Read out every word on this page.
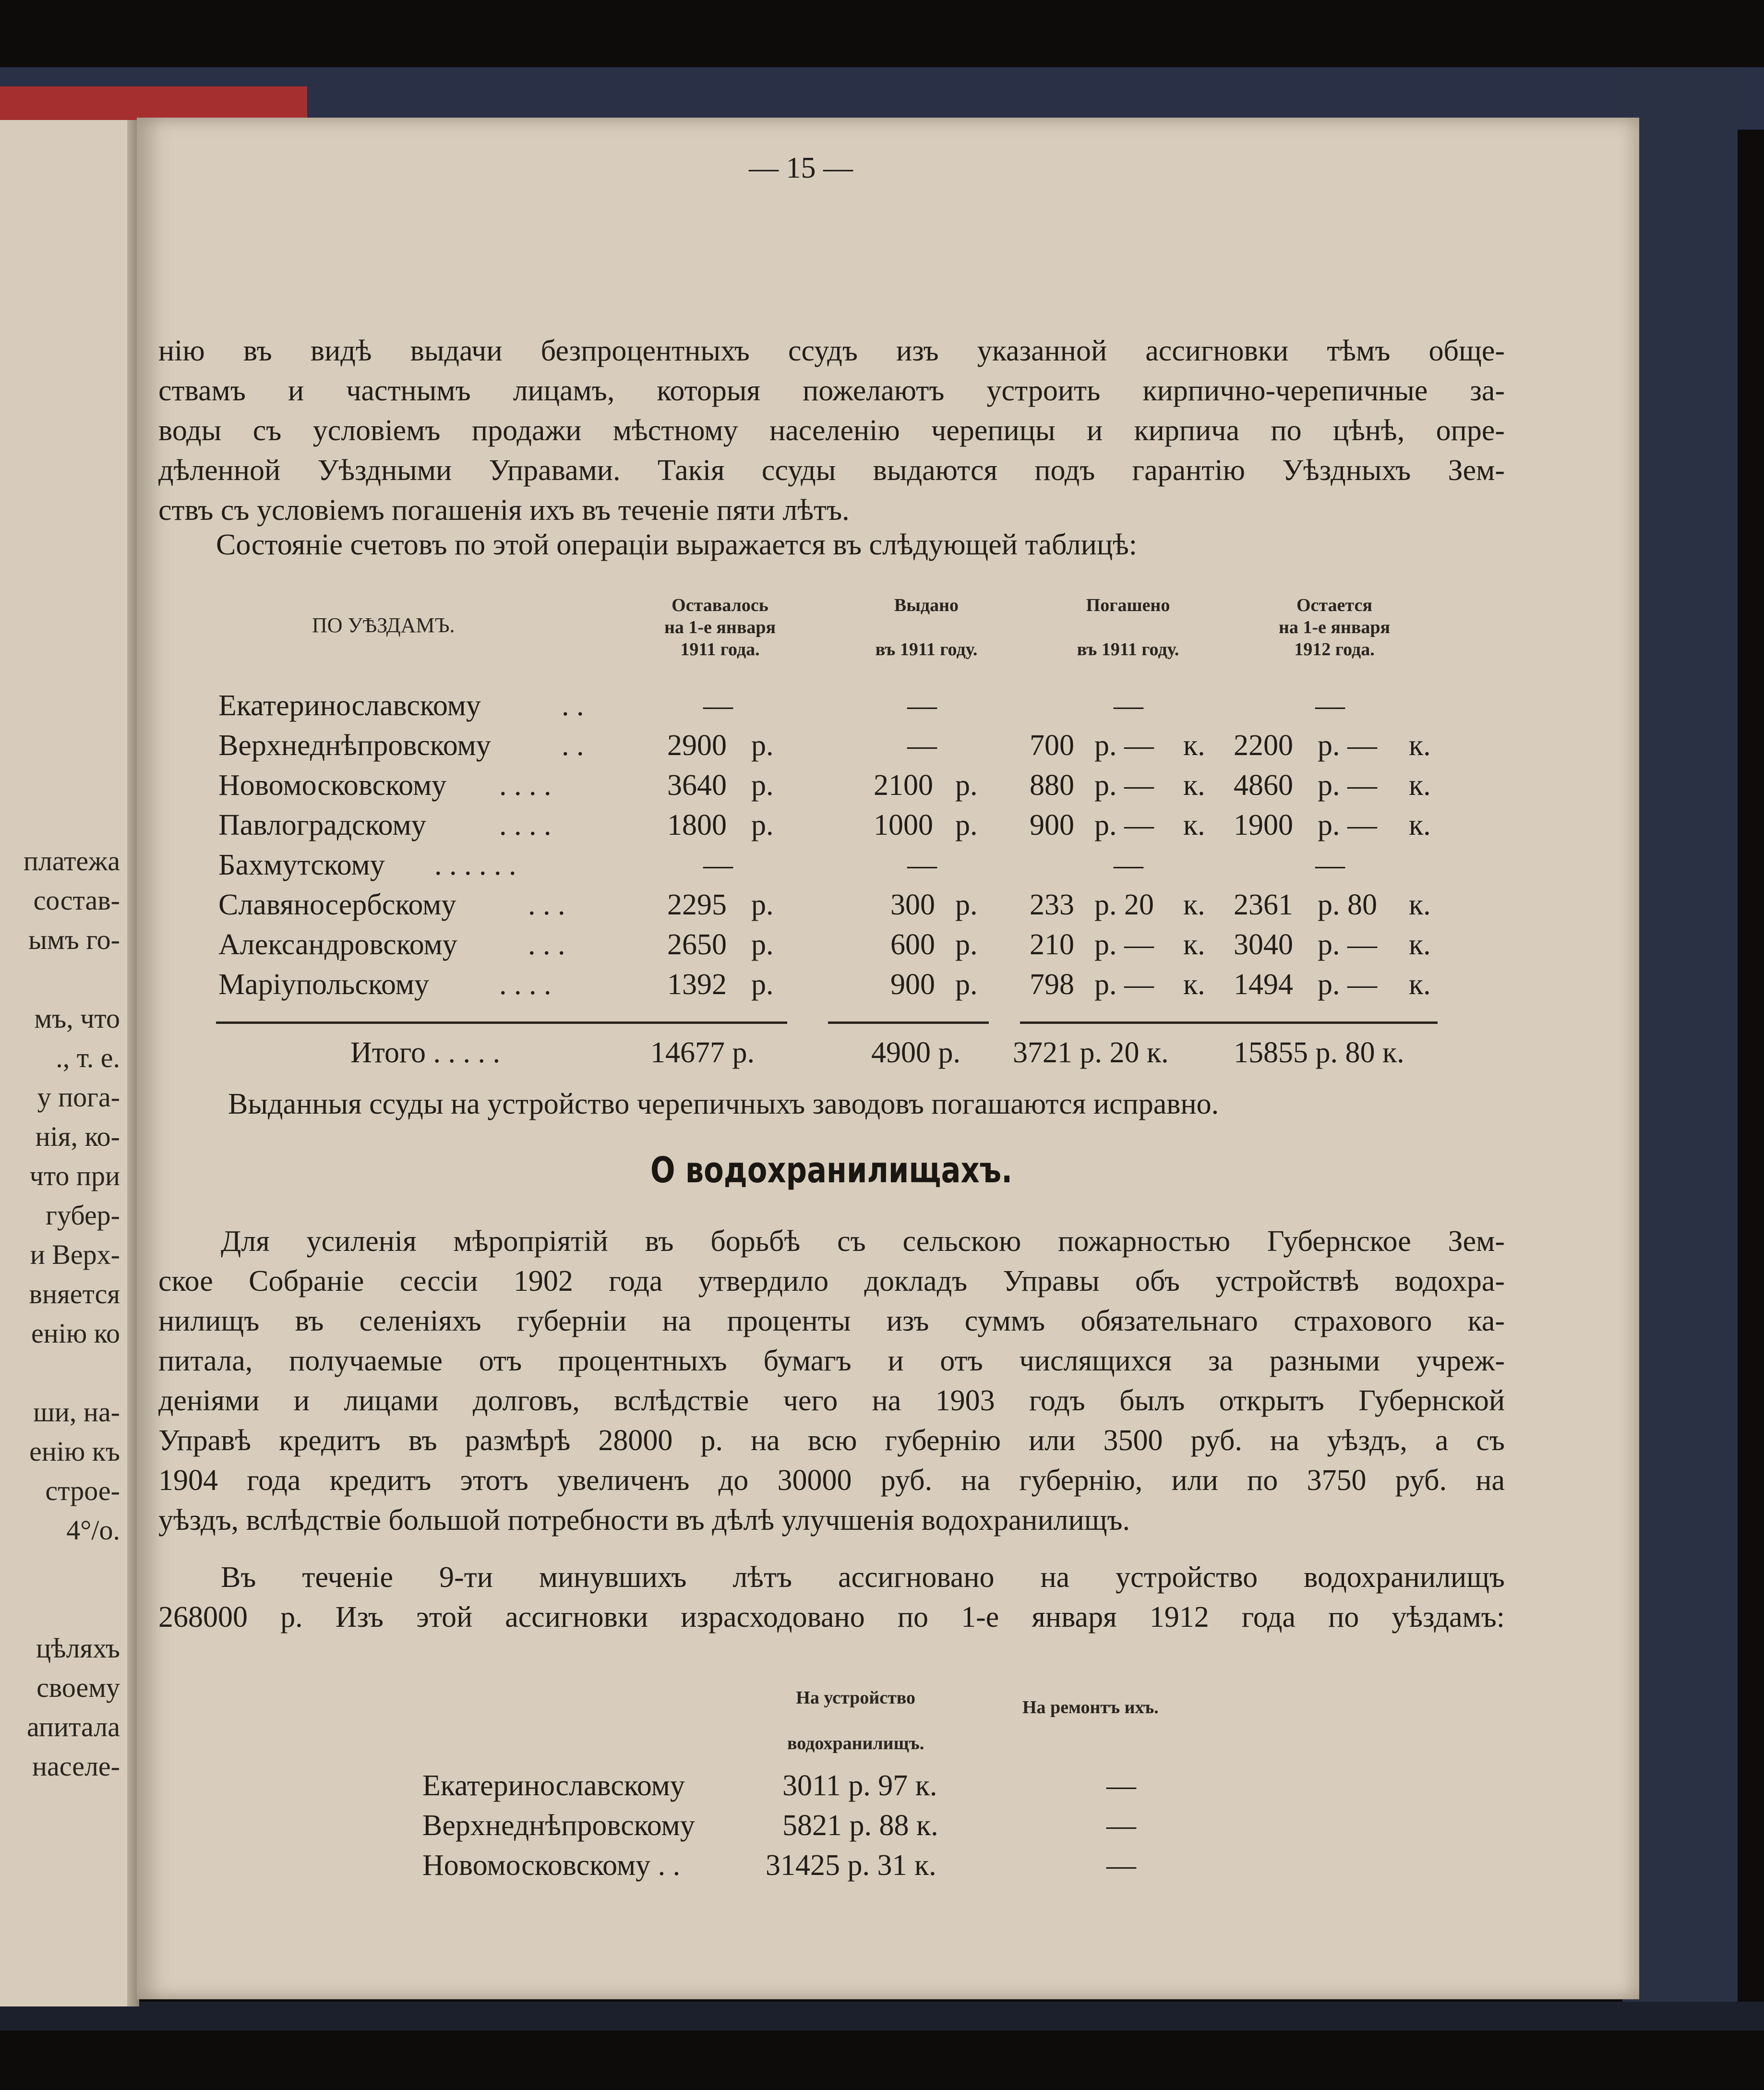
платежа
состав-
ымъ го-
мъ, что
., т. е.
у пога-
нія, ко-
что при
губер-
и Верх-
вняется
енію ко
ши, на-
енію къ
строе-
4°/о.
цѣляхъ
своему
апитала
населе-
— 15 —
нію въ видѣ выдачи безпроцентныхъ ссудъ изъ указанной ассигновки тѣмъ обще-
ствамъ и частнымъ лицамъ, которыя пожелаютъ устроить кирпично-черепичные за-
воды съ условіемъ продажи мѣстному населенію черепицы и кирпича по цѣнѣ, опре-
дѣленной Уѣздными Управами. Такія ссуды выдаются подъ гарантію Уѣздныхъ Зем-
ствъ съ условіемъ погашенія ихъ въ теченіе пяти лѣтъ.
Состояніе счетовъ по этой операціи выражается въ слѣдующей таблицѣ:
ПО УѢЗДАМЪ.
Оставалось
на 1-е января
1911 года.
Выдано
въ 1911 году.
Погашено
въ 1911 году.
Остается
на 1-е января
1912 года.
Екатеринославскому	. .	—	—	—	—
Верхнеднѣпровскому . .	2900 р.	—	700 р. — к. 2200 р. — к.
Новомосковскому . . . .	3640 р.	2100 р. 880 р. — к. 4860 р. — к.
Павлоградскому . . . .	1800 р.	1000 р. 900 р. — к. 1900 р. — к.
Бахмутскому . . . . . .	—	—	—	—
Славяносербскому . . .	2295 р.	300 р. 233 р. 20 к. 2361 р. 80 к.
Александровскому . . .	2650 р.	600 р. 210 р. — к. 3040 р. — к.
Маріупольскому . . . .	1392 р.	900 р. 798 р. — к. 1494 р. — к.
Итого . . . . .	14677 р.	4900 р. 3721 р. 20 к. 15855 р. 80 к.
Выданныя ссуды на устройство черепичныхъ заводовъ погашаются исправно.
О водохранилищахъ.
Для усиленія мѣропріятій въ борьбѣ съ сельскою пожарностью Губернское Зем-
ское Собраніе сессіи 1902 года утвердило докладъ Управы объ устройствѣ водохра-
нилищъ въ селеніяхъ губерніи на проценты изъ суммъ обязательнаго страхового ка-
питала, получаемые отъ процентныхъ бумагъ и отъ числящихся за разными учреж-
деніями и лицами долговъ, вслѣдствіе чего на 1903 годъ былъ открытъ Губернской
Управѣ кредитъ въ размѣрѣ 28000 р. на всю губернію или 3500 руб. на уѣздъ, а съ
1904 года кредитъ этотъ увеличенъ до 30000 руб. на губернію, или по 3750 руб. на
уѣздъ, вслѣдствіе большой потребности въ дѣлѣ улучшенія водохранилищъ.
Въ теченіе 9-ти минувшихъ лѣтъ ассигновано на устройство водохранилищъ
268000 р. Изъ этой ассигновки израсходовано по 1-е января 1912 года по уѣздамъ:
На устройство
водохранилищъ.
На ремонтъ ихъ.
Екатеринославскому	3011 р. 97 к.	—
Верхнеднѣпровскому	5821 р. 88 к.	—
Новомосковскому . .	31425 р. 31 к.	—
